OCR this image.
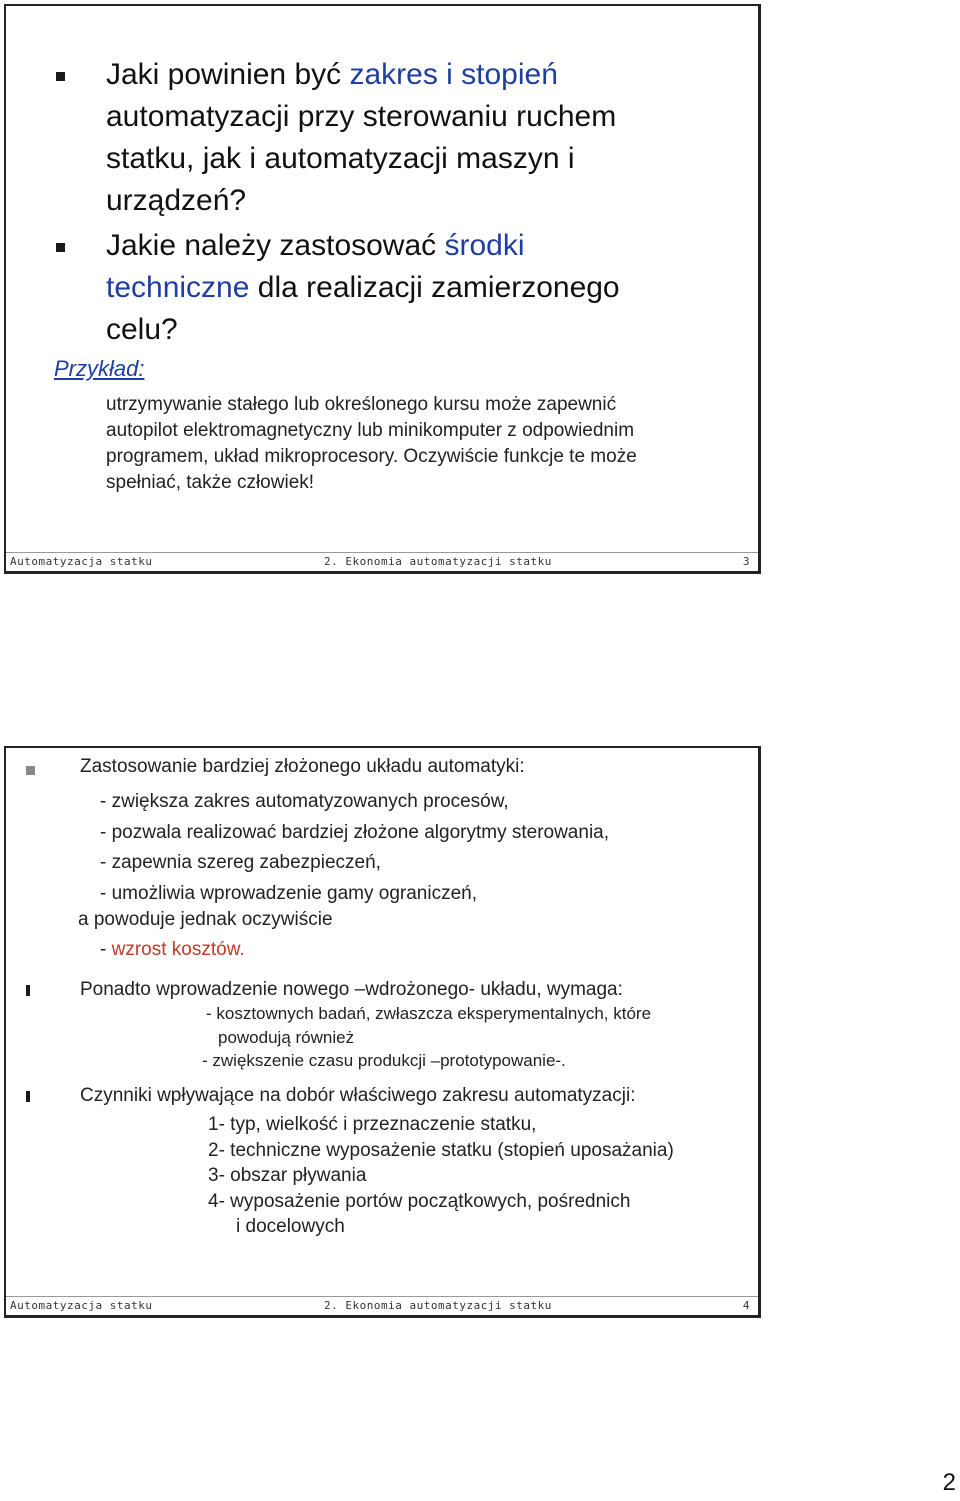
Jaki powinien być zakres i stopień
automatyzacji przy sterowaniu ruchem
statku, jak i automatyzacji maszyn i
urządzeń?
Jakie należy zastosować środki
techniczne dla realizacji zamierzonego
celu?
Przykład:
utrzymywanie stałego lub określonego kursu może zapewnić
autopilot elektromagnetyczny lub minikomputer z odpowiednim
programem, układ mikroprocesory. Oczywiście funkcje te może
spełniać, także człowiek!
Automatyzacja statku	2. Ekonomia automatyzacji statku	3
Zastosowanie bardziej złożonego układu automatyki:
- zwiększa zakres automatyzowanych procesów,
- pozwala realizować bardziej złożone algorytmy sterowania,
- zapewnia szereg zabezpieczeń,
- umożliwia wprowadzenie gamy ograniczeń,
a powoduje jednak oczywiście
- wzrost kosztów.
Ponadto wprowadzenie nowego –wdrożonego- układu, wymaga:
- kosztownych badań, zwłaszcza eksperymentalnych, które
powodują również
- zwiększenie czasu produkcji –prototypowanie-.
Czynniki wpływające na dobór właściwego zakresu automatyzacji:
1- typ, wielkość i przeznaczenie statku,
2- techniczne wyposażenie statku (stopień uposażania)
3- obszar pływania
4- wyposażenie portów początkowych, pośrednich
i docelowych
Automatyzacja statku	2. Ekonomia automatyzacji statku	4
2
